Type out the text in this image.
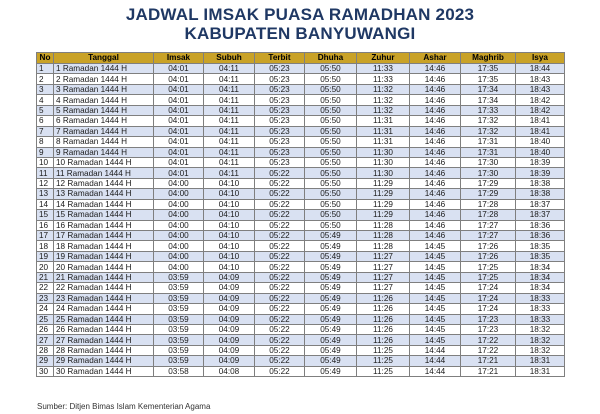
JADWAL IMSAK PUASA RAMADHAN 2023
KABUPATEN BANYUWANGI
No	Tanggal	Imsak	Subuh	Terbit	Dhuha	Zuhur	Ashar	Maghrib	Isya
1	1 Ramadan 1444 H	04:01	04:11	05:23	05:50	11:33	14:46	17:35	18:44
2	2 Ramadan 1444 H	04:01	04:11	05:23	05:50	11:33	14:46	17:35	18:43
3	3 Ramadan 1444 H	04:01	04:11	05:23	05:50	11:32	14:46	17:34	18:43
4	4 Ramadan 1444 H	04:01	04:11	05:23	05:50	11:32	14:46	17:34	18:42
5	5 Ramadan 1444 H	04:01	04:11	05:23	05:50	11:32	14:46	17:33	18:42
6	6 Ramadan 1444 H	04:01	04:11	05:23	05:50	11:31	14:46	17:32	18:41
7	7 Ramadan 1444 H	04:01	04:11	05:23	05:50	11:31	14:46	17:32	18:41
8	8 Ramadan 1444 H	04:01	04:11	05:23	05:50	11:31	14:46	17:31	18:40
9	9 Ramadan 1444 H	04:01	04:11	05:23	05:50	11:30	14:46	17:31	18:40
10	10 Ramadan 1444 H	04:01	04:11	05:23	05:50	11:30	14:46	17:30	18:39
11	11 Ramadan 1444 H	04:01	04:11	05:22	05:50	11:30	14:46	17:30	18:39
12	12 Ramadan 1444 H	04:00	04:10	05:22	05:50	11:29	14:46	17:29	18:38
13	13 Ramadan 1444 H	04:00	04:10	05:22	05:50	11:29	14:46	17:29	18:38
14	14 Ramadan 1444 H	04:00	04:10	05:22	05:50	11:29	14:46	17:28	18:37
15	15 Ramadan 1444 H	04:00	04:10	05:22	05:50	11:29	14:46	17:28	18:37
16	16 Ramadan 1444 H	04:00	04:10	05:22	05:50	11:28	14:46	17:27	18:36
17	17 Ramadan 1444 H	04:00	04:10	05:22	05:49	11:28	14:46	17:27	18:36
18	18 Ramadan 1444 H	04:00	04:10	05:22	05:49	11:28	14:45	17:26	18:35
19	19 Ramadan 1444 H	04:00	04:10	05:22	05:49	11:27	14:45	17:26	18:35
20	20 Ramadan 1444 H	04:00	04:10	05:22	05:49	11:27	14:45	17:25	18:34
21	21 Ramadan 1444 H	03:59	04:09	05:22	05:49	11:27	14:45	17:25	18:34
22	22 Ramadan 1444 H	03:59	04:09	05:22	05:49	11:27	14:45	17:24	18:34
23	23 Ramadan 1444 H	03:59	04:09	05:22	05:49	11:26	14:45	17:24	18:33
24	24 Ramadan 1444 H	03:59	04:09	05:22	05:49	11:26	14:45	17:24	18:33
25	25 Ramadan 1444 H	03:59	04:09	05:22	05:49	11:26	14:45	17:23	18:33
26	26 Ramadan 1444 H	03:59	04:09	05:22	05:49	11:26	14:45	17:23	18:32
27	27 Ramadan 1444 H	03:59	04:09	05:22	05:49	11:26	14:45	17:22	18:32
28	28 Ramadan 1444 H	03:59	04:09	05:22	05:49	11:25	14:44	17:22	18:32
29	29 Ramadan 1444 H	03:59	04:09	05:22	05:49	11:25	14:44	17:21	18:31
30	30 Ramadan 1444 H	03:58	04:08	05:22	05:49	11:25	14:44	17:21	18:31
Sumber: Ditjen Bimas Islam Kementerian Agama
